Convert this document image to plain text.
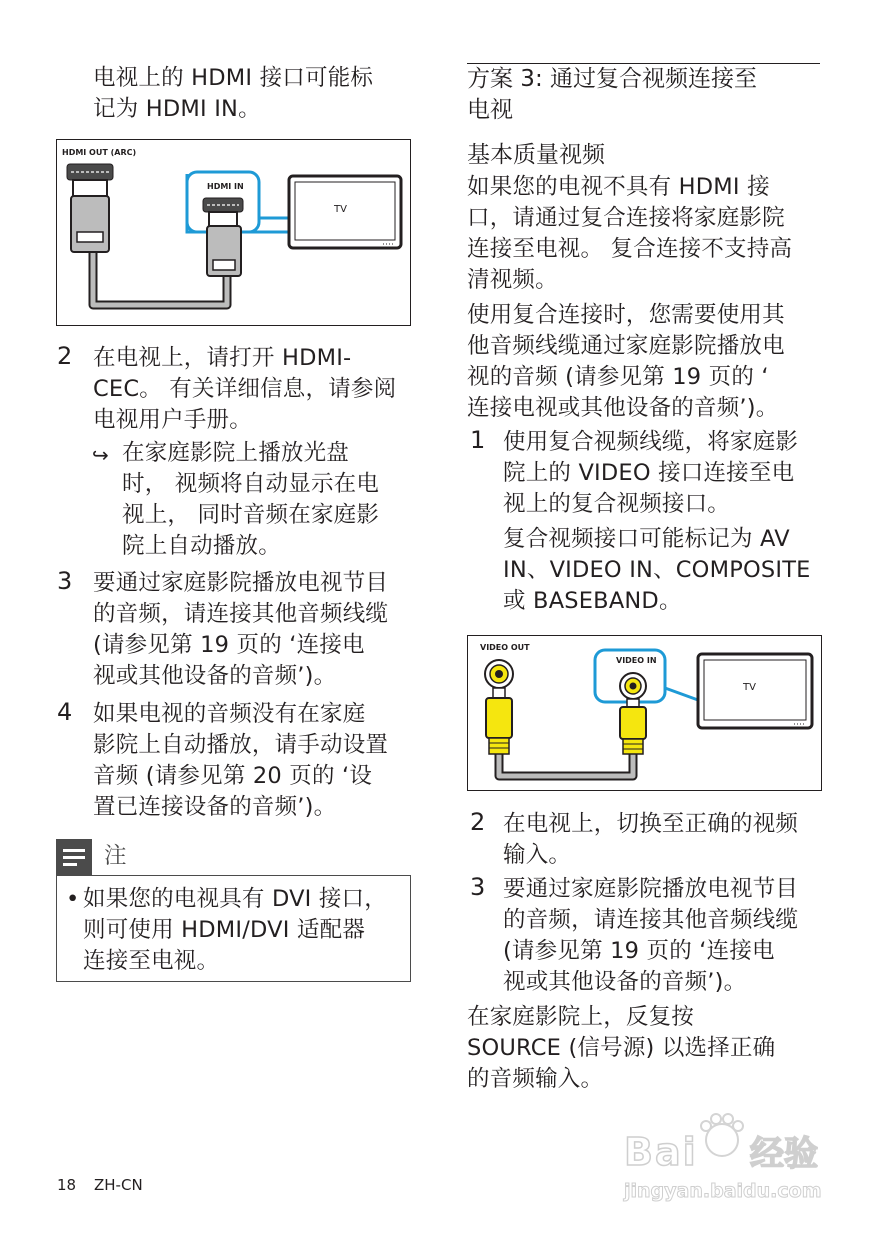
电视上的 HDMI 接口可能标
记为 HDMI IN。
HDMI OUT (ARC)
HDMI IN
TV
2 在电视上，请打开 HDMI-
CEC。 有关详细信息，请参阅
电视用户手册。
↪ 在家庭影院上播放光盘
时， 视频将自动显示在电
视上， 同时音频在家庭影
院上自动播放。
3 要通过家庭影院播放电视节目
的音频，请连接其他音频线缆
(请参见第 19 页的 ‘连接电
视或其他设备的音频’)。
4 如果电视的音频没有在家庭
影院上自动播放，请手动设置
音频 (请参见第 20 页的 ‘设
置已连接设备的音频’)。
注
• 如果您的电视具有 DVI 接口，
则可使用 HDMI/DVI 适配器
连接至电视。
方案 3: 通过复合视频连接至
电视
基本质量视频
如果您的电视不具有 HDMI 接
口，请通过复合连接将家庭影院
连接至电视。 复合连接不支持高
清视频。
使用复合连接时，您需要使用其
他音频线缆通过家庭影院播放电
视的音频 (请参见第 19 页的 ‘
连接电视或其他设备的音频’)。
1 使用复合视频线缆，将家庭影
院上的 VIDEO 接口连接至电
视上的复合视频接口。
复合视频接口可能标记为 AV
IN、VIDEO IN、COMPOSITE
或 BASEBAND。
VIDEO OUT
VIDEO IN
TV
2 在电视上，切换至正确的视频
输入。
3 要通过家庭影院播放电视节目
的音频，请连接其他音频线缆
(请参见第 19 页的 ‘连接电
视或其他设备的音频’)。
在家庭影院上，反复按
SOURCE (信号源) 以选择正确
的音频输入。
18 ZH-CN
Bai 经验
jingyan.baidu.com
